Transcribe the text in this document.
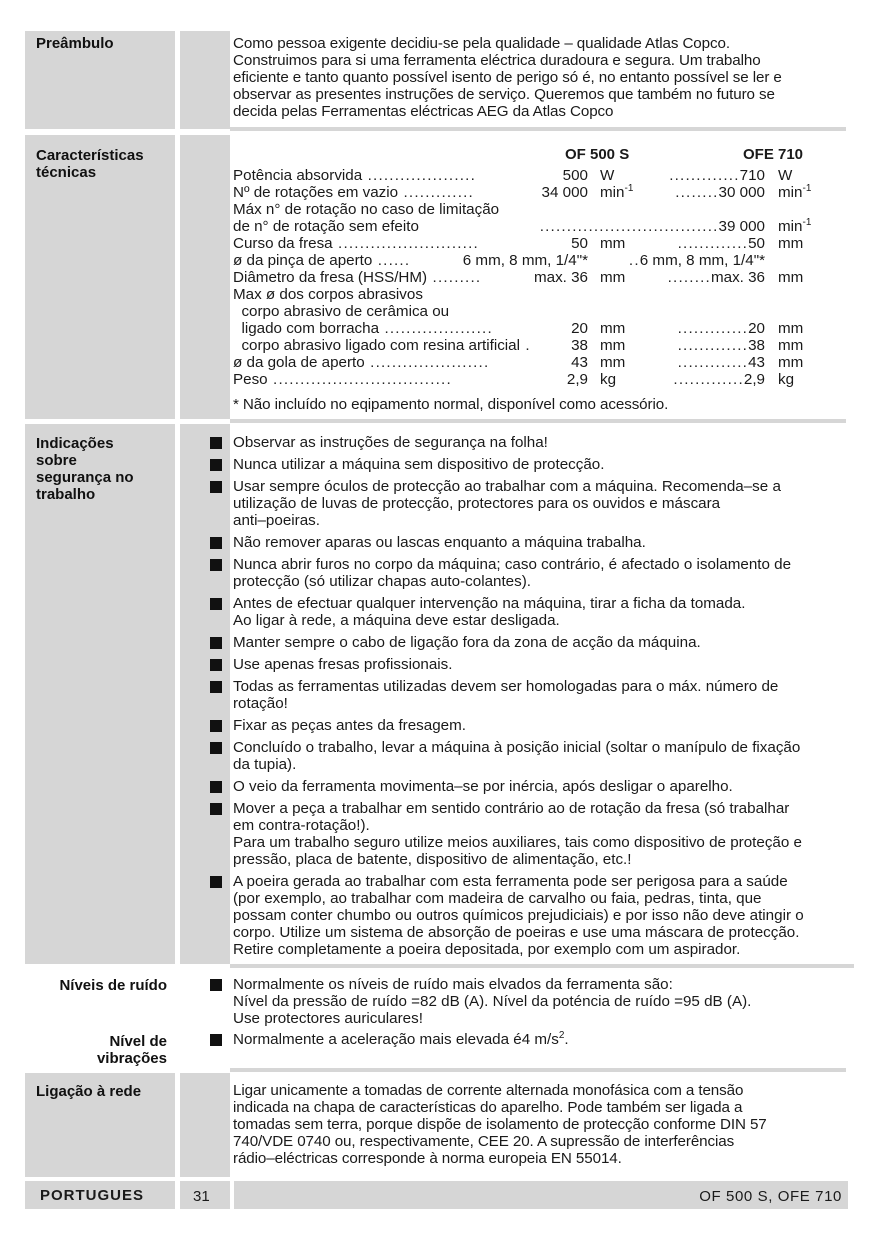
Preâmbulo	Como pessoa exigente decidiu-se pela qualidade – qualidade Atlas Copco.

Construimos para si uma ferramenta eléctrica duradoura e segura. Um trabalho

eficiente e tanto quanto possível isento de perigo só é, no entanto possível se ler e

observar as presentes instruções de serviço. Queremos que também no futuro se

decida pelas Ferramentas eléctricas AEG da Atlas Copco

Características
técnicas
OF 500 S	OFE 710
Potência absorvida ....................	500 W	.............710 W
Nº de rotações em vazio .............	34 000 $\min^{-1}$	........30 000 $\min^{-1}$
Máx n° de rotação no caso de limitação
de n° de rotação sem efeito	.................................39 000 $\min^{-1}$
Curso da fresa ..........................	50 mm	.............50 mm
ø da pinça de aperto ......	6 mm, 8 mm, 1/4"*	..6 mm, 8 mm, 1/4"*
Diâmetro da fresa (HSS/HM) .........	max. 36 mm	........max. 36 mm
Max ø dos corpos abrasivos
corpo abrasivo de cerâmica ou
ligado com borracha ....................	20 mm	.............20 mm
corpo abrasivo ligado com resina artificial .	38 mm	.............38 mm
ø da gola de aperto ......................	43 mm	.............43 mm
Peso .................................	2,9 kg	.............2,9 kg
* Não incluído no eqipamento normal, disponível como acessório.
Indicações
sobre
segurança no
trabalho
Observar as instruções de segurança na folha!
Nunca utilizar a máquina sem dispositivo de protecção.
Usar sempre óculos de protecção ao trabalhar com a máquina. Recomenda–se a
utilização de luvas de protecção, protectores para os ouvidos e máscara
anti–poeiras.
Não remover aparas ou lascas enquanto a máquina trabalha.
Nunca abrir furos no corpo da máquina; caso contrário, é afectado o isolamento de
protecção (só utilizar chapas auto-colantes).
Antes de efectuar qualquer intervenção na máquina, tirar a ficha da tomada.
Ao ligar à rede, a máquina deve estar desligada.
Manter sempre o cabo de ligação fora da zona de acção da máquina.
Use apenas fresas profissionais.
Todas as ferramentas utilizadas devem ser homologadas para o máx. número de
rotação!
Fixar as peças antes da fresagem.
Concluído o trabalho, levar a máquina à posição inicial (soltar o manípulo de fixação
da tupia).
O veio da ferramenta movimenta–se por inércia, após desligar o aparelho.
Mover a peça a trabalhar em sentido contrário ao de rotação da fresa (só trabalhar
em contra-rotação!).
Para um trabalho seguro utilize meios auxiliares, tais como dispositivo de proteção e
pressão, placa de batente, dispositivo de alimentação, etc.!
A poeira gerada ao trabalhar com esta ferramenta pode ser perigosa para a saúde
(por exemplo, ao trabalhar com madeira de carvalho ou faia, pedras, tinta, que
possam conter chumbo ou outros químicos prejudiciais) e por isso não deve atingir o
corpo. Utilize um sistema de absorção de poeiras e use uma máscara de protecção.
Retire completamente a poeira depositada, por exemplo com um aspirador.
Níveis de ruído	Normalmente os níveis de ruído mais elvados da ferramenta são:
Nível da pressão de ruído =82 dB (A). Nível da poténcia de ruído =95 dB (A).
Use protectores auriculares!
Nível de
vibrações
Normalmente a aceleração mais elevada é4 $m/s^2$.
Ligação à rede	Ligar unicamente a tomadas de corrente alternada monofásica com a tensão

indicada na chapa de características do aparelho. Pode também ser ligada a

tomadas sem terra, porque dispõe de isolamento de protecção conforme DIN 57

740/VDE 0740 ou, respectivamente, CEE 20. A supressão de interferências

rádio–eléctricas corresponde à norma europeia EN 55014.

PORTUGUES	31	OF 500 S, OFE 710
